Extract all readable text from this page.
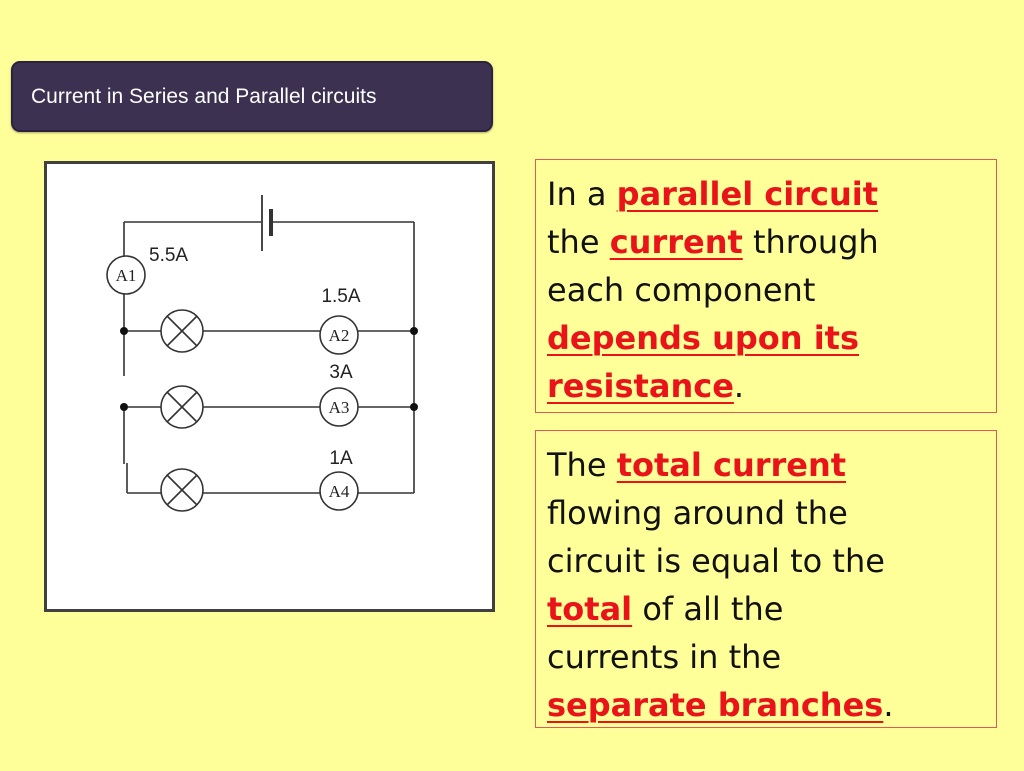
Current in Series and Parallel circuits
A1
5.5A
A2
1.5A
A3
3A
A4
1A
In a parallel circuit
the current through
each component
depends upon its
resistance.
The total current
flowing around the
circuit is equal to the
total of all the
currents in the
separate branches.
